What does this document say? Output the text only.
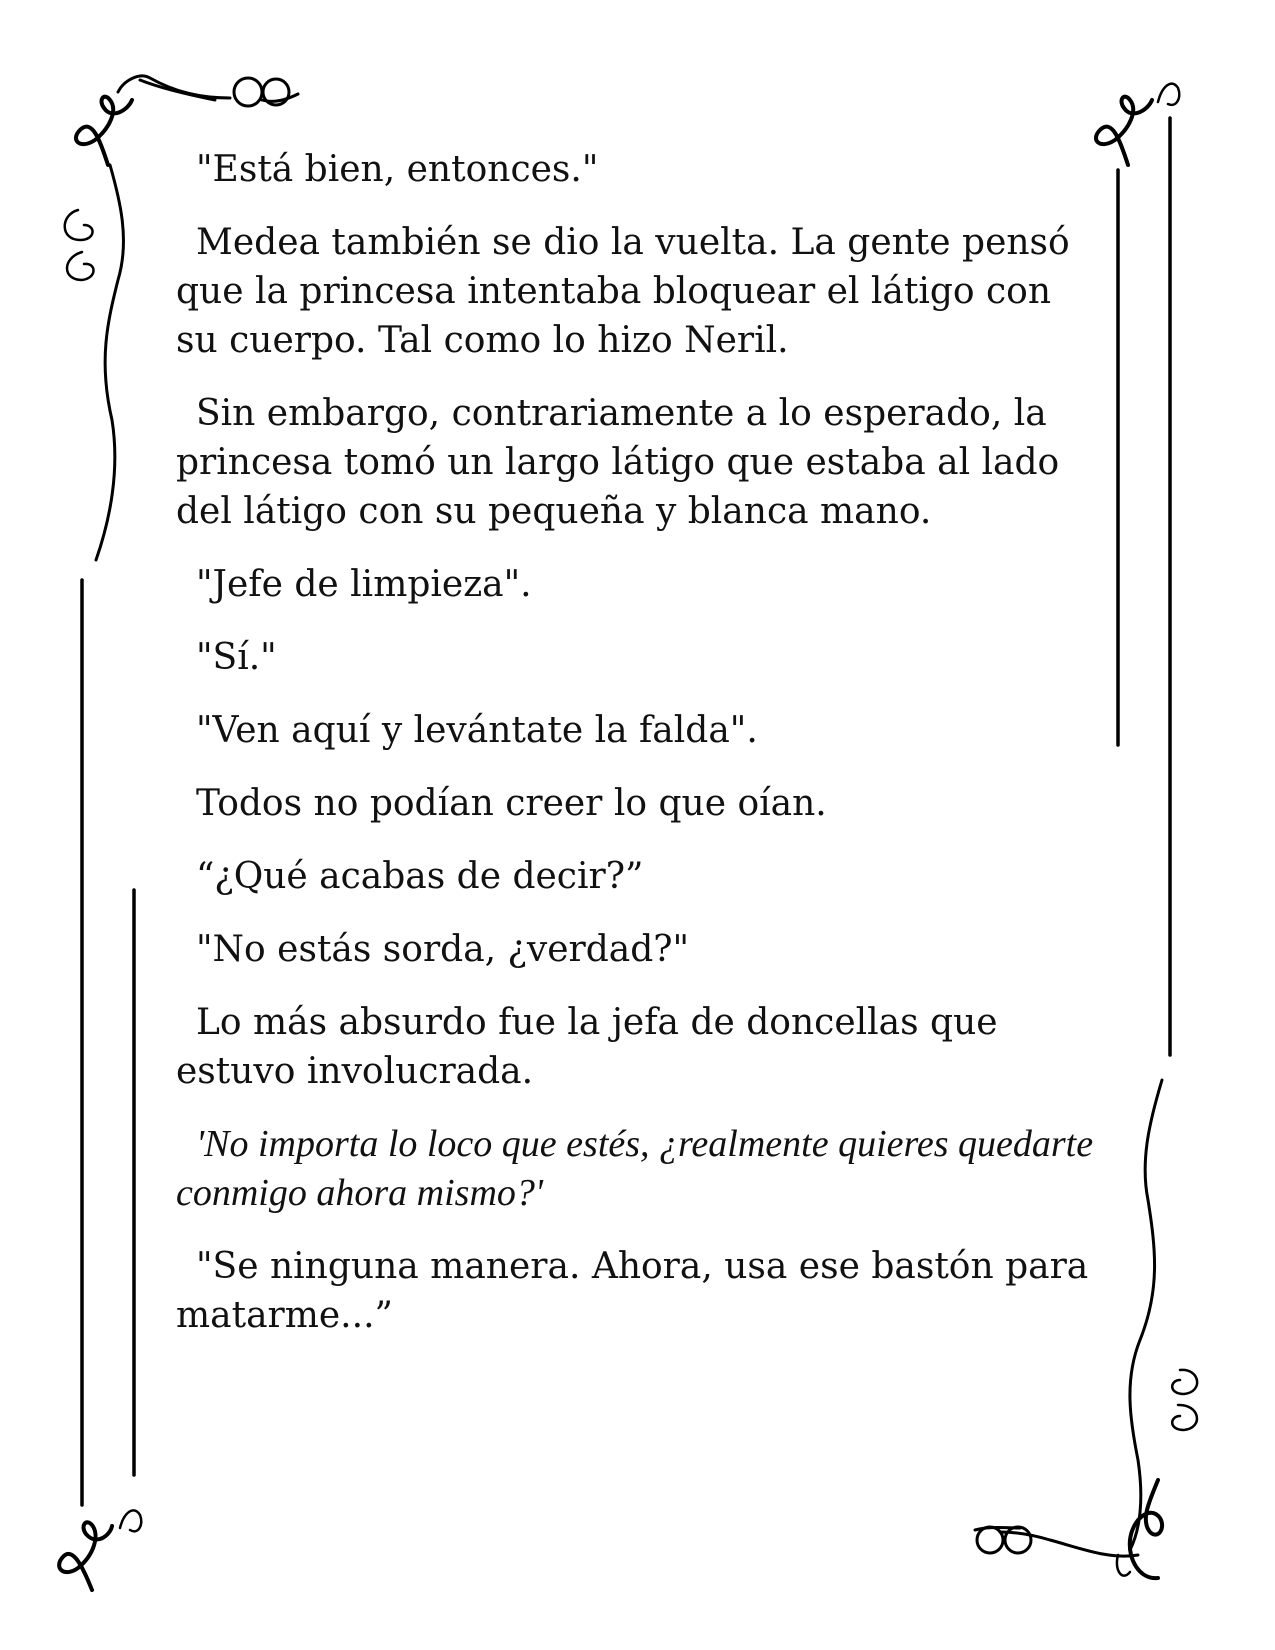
"Está bien, entonces."

Medea también se dio la vuelta. La gente pensó que la princesa intentaba bloquear el látigo con su cuerpo. Tal como lo hizo Neril.

Sin embargo, contrariamente a lo esperado, la princesa tomó un largo látigo que estaba al lado del látigo con su pequeña y blanca mano.

"Jefe de limpieza".

"Sí."

"Ven aquí y levántate la falda".

Todos no podían creer lo que oían.

“¿Qué acabas de decir?”

"No estás sorda, ¿verdad?"

Lo más absurdo fue la jefa de doncellas que estuvo involucrada.

'No importa lo loco que estés, ¿realmente quieres quedarte conmigo ahora mismo?'

"Se ninguna manera. Ahora, usa ese bastón para matarme...”
